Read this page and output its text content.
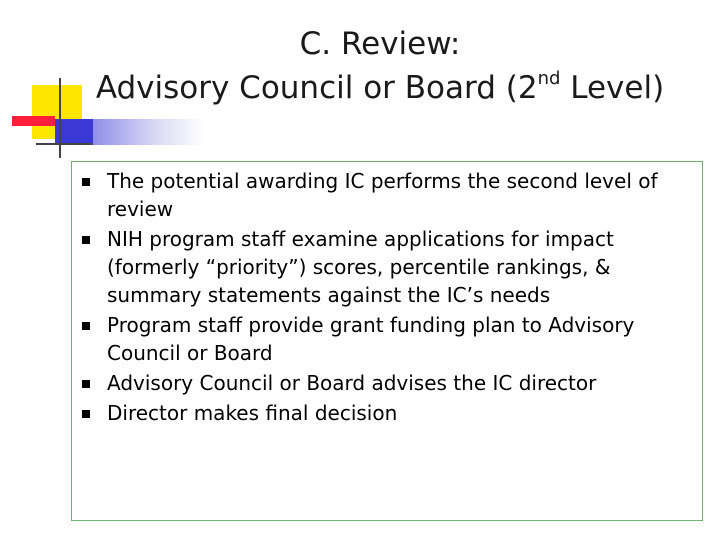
C. Review:
Advisory Council or Board (2nd Level)
The potential awarding IC performs the second level of review
NIH program staff examine applications for impact (formerly “priority”) scores, percentile rankings, & summary statements against the IC’s needs
Program staff provide grant funding plan to Advisory Council or Board
Advisory Council or Board advises the IC director
Director makes final decision
